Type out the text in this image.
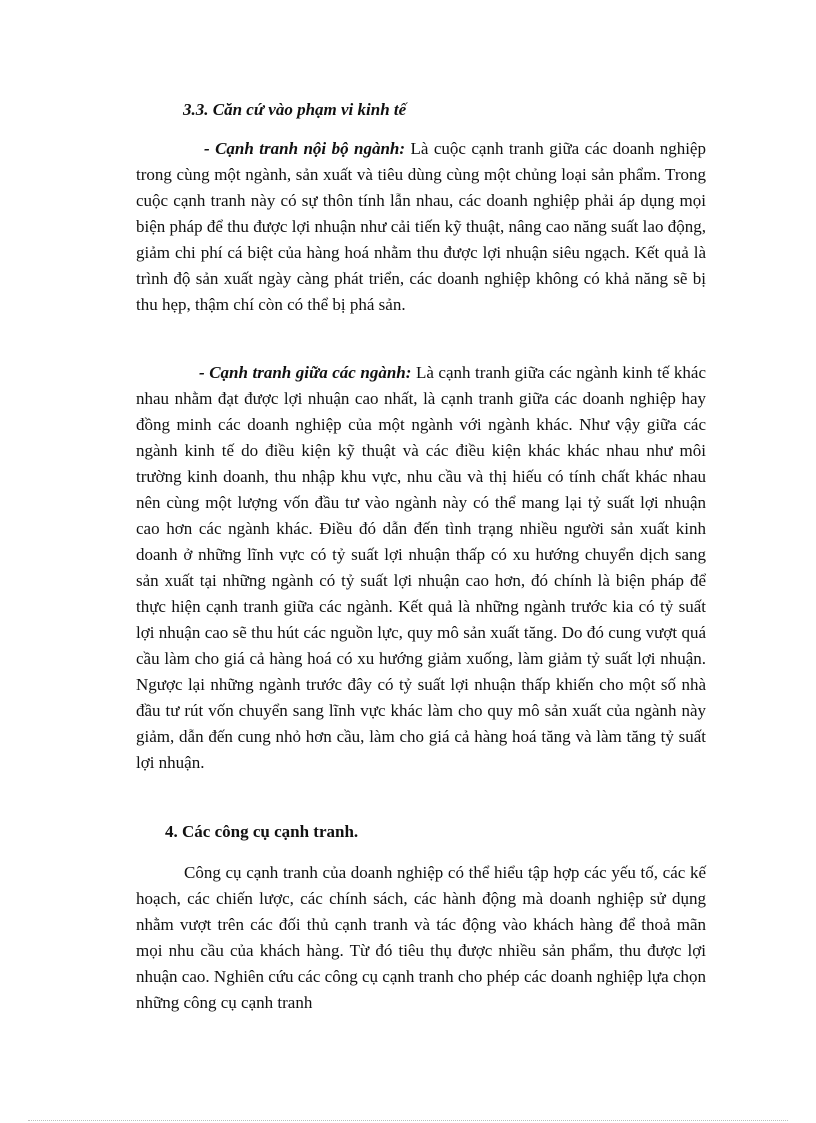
3.3. Căn cứ vào phạm vi kinh tế

- Cạnh tranh nội bộ ngành: Là cuộc cạnh tranh giữa các doanh nghiệp trong cùng một ngành, sản xuất và tiêu dùng cùng một chủng loại sản phẩm. Trong cuộc cạnh tranh này có sự thôn tính lẫn nhau, các doanh nghiệp phải áp dụng mọi biện pháp để thu được lợi nhuận như cải tiến kỹ thuật, nâng cao năng suất lao động, giảm chi phí cá biệt của hàng hoá nhằm thu được lợi nhuận siêu ngạch. Kết quả là trình độ sản xuất ngày càng phát triển, các doanh nghiệp không có khả năng sẽ bị thu hẹp, thậm chí còn có thể bị phá sản.

- Cạnh tranh giữa các ngành: Là cạnh tranh giữa các ngành kinh tế khác nhau nhằm đạt được lợi nhuận cao nhất, là cạnh tranh giữa các doanh nghiệp hay đồng minh các doanh nghiệp của một ngành với ngành khác. Như vậy giữa các ngành kinh tế do điều kiện kỹ thuật và các điều kiện khác khác nhau như môi trường kinh doanh, thu nhập khu vực, nhu cầu và thị hiếu có tính chất khác nhau nên cùng một lượng vốn đầu tư vào ngành này có thể mang lại tỷ suất lợi nhuận cao hơn các ngành khác. Điều đó dẫn đến tình trạng nhiều người sản xuất kinh doanh ở những lĩnh vực có tỷ suất lợi nhuận thấp có xu hướng chuyển dịch sang sản xuất tại những ngành có tỷ suất lợi nhuận cao hơn, đó chính là biện pháp để thực hiện cạnh tranh giữa các ngành. Kết quả là những ngành trước kia có tỷ suất lợi nhuận cao sẽ thu hút các nguồn lực, quy mô sản xuất tăng. Do đó cung vượt quá cầu làm cho giá cả hàng hoá có xu hướng giảm xuống, làm giảm tỷ suất lợi nhuận. Ngược lại những ngành trước đây có tỷ suất lợi nhuận thấp khiến cho một số nhà đầu tư rút vốn chuyển sang lĩnh vực khác làm cho quy mô sản xuất của ngành này giảm, dẫn đến cung nhỏ hơn cầu, làm cho giá cả hàng hoá tăng và làm tăng tỷ suất lợi nhuận.

4. Các công cụ cạnh tranh.

Công cụ cạnh tranh của doanh nghiệp có thể hiểu tập hợp các yếu tố, các kế hoạch, các chiến lược, các chính sách, các hành động mà doanh nghiệp sử dụng nhằm vượt trên các đối thủ cạnh tranh và tác động vào khách hàng để thoả mãn mọi nhu cầu của khách hàng. Từ đó tiêu thụ được nhiều sản phẩm, thu được lợi nhuận cao. Nghiên cứu các công cụ cạnh tranh cho phép các doanh nghiệp lựa chọn những công cụ cạnh tranh
